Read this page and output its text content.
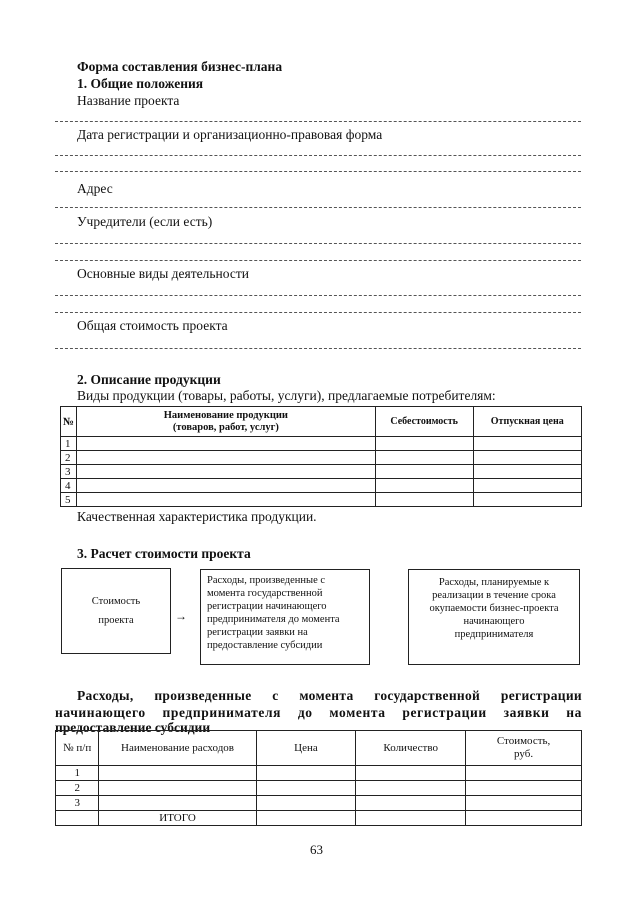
Форма составления бизнес-плана
1. Общие положения
Название проекта
Дата регистрации и организационно-правовая форма
Адрес
Учредители (если есть)
Основные виды деятельности
Общая стоимость проекта
2. Описание продукции
Виды продукции (товары, работы, услуги), предлагаемые потребителям:
№	Наименование продукции
(товаров, работ, услуг)	Себестоимость	Отпускная цена
1			
2			
3			
4			
5			
Качественная характеристика продукции.
3. Расчет стоимости проекта
Стоимость
проекта	→
Расходы, произведенные с
момента государственной
регистрации начинающего
предпринимателя до момента
регистрации заявки на
предоставление субсидии
Расходы, планируемые к
реализации в течение срока
окупаемости бизнес-проекта
начинающего
предпринимателя
Расходы, произведенные с момента государственной регистрации
начинающего предпринимателя до момента регистрации заявки на
предоставление субсидии
№ п/п	Наименование расходов	Цена	Количество	Стоимость,
руб.

1				
2				
3				
	ИТОГО			
63
